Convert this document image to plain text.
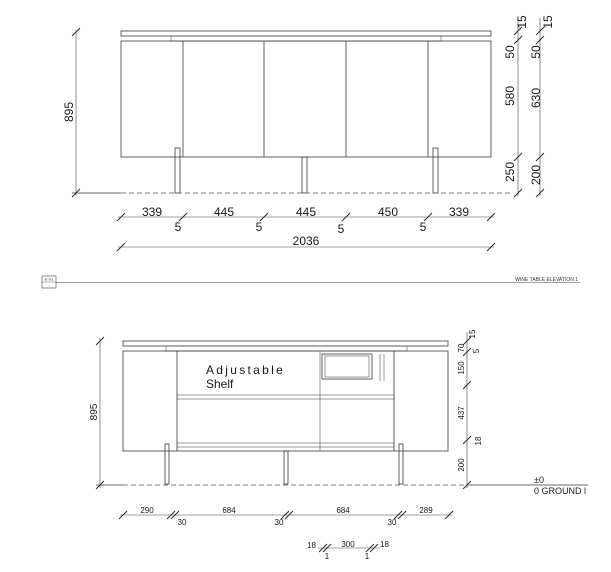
895
15
50
580
250
15
50
630
200
339	445	445	450	339
5	5	5	5
2036
E-01
-
WINE TABLE ELEVATION 1
Adjustable
Shelf
±0
0 GROUND l
895
15
70 5
150
437
18
200
290	684	684	289
30	30	30
18	300	18
1	1
